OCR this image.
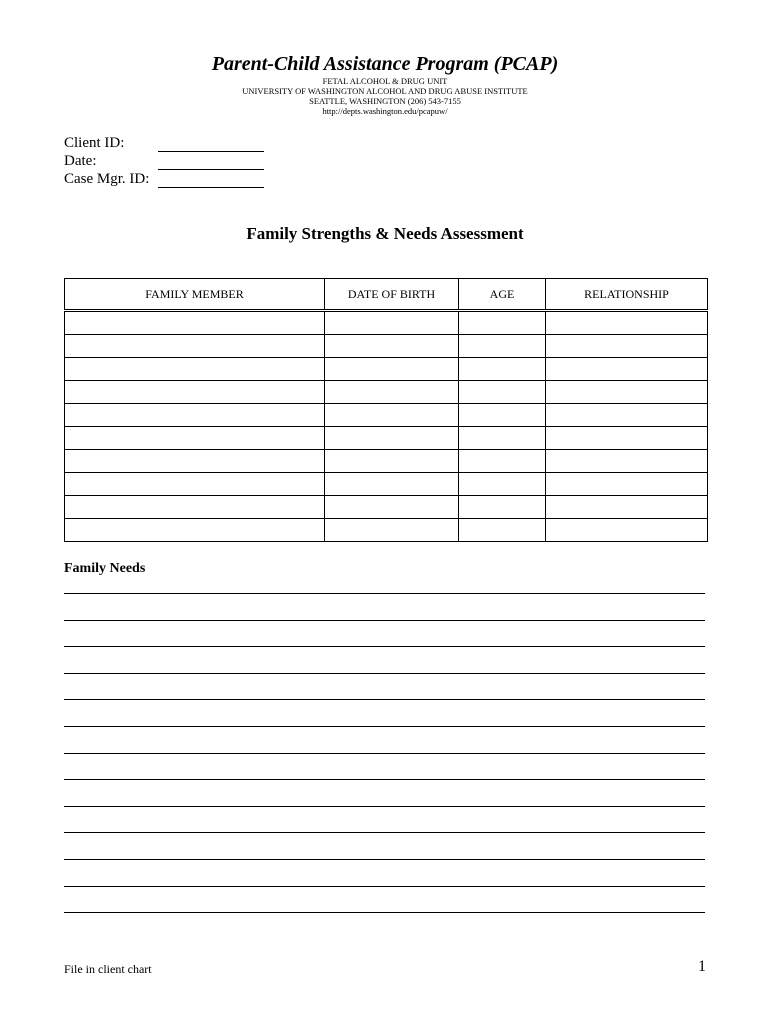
Parent-Child Assistance Program (PCAP)
FETAL ALCOHOL & DRUG UNIT
UNIVERSITY OF WASHINGTON ALCOHOL AND DRUG ABUSE INSTITUTE
SEATTLE, WASHINGTON (206) 543-7155
http://depts.washington.edu/pcapuw/
Client ID:
Date:
Case Mgr. ID:
Family Strengths & Needs Assessment
FAMILY MEMBER	DATE OF BIRTH	AGE	RELATIONSHIP

Family Needs
File in client chart	1
